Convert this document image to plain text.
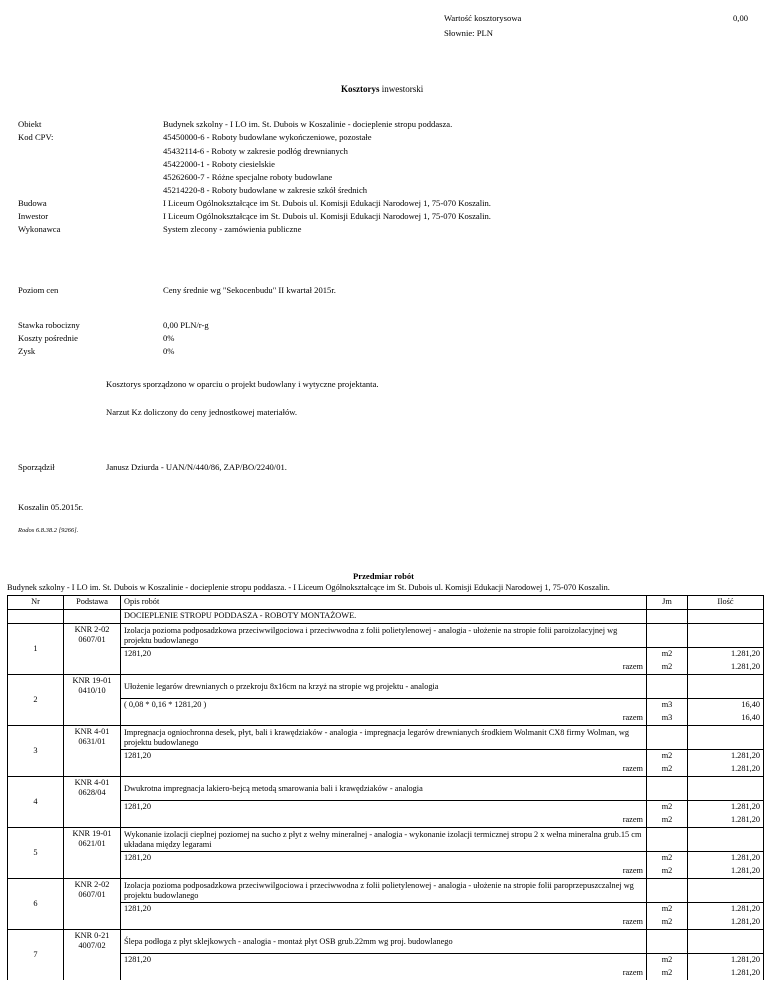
Wartość kosztorysowa	0,00
Słownie: PLN
Kosztorys inwestorski
Obiekt	Budynek szkolny - I LO im. St. Dubois w Koszalinie - docieplenie stropu poddasza.
Kod CPV:	45450000-6 - Roboty budowlane wykończeniowe, pozostałe
45432114-6 - Roboty w zakresie podłóg drewnianych
45422000-1 - Roboty ciesielskie
45262600-7 - Różne specjalne roboty budowlane
45214220-8 - Roboty budowlane w zakresie szkół średnich
Budowa	I Liceum Ogólnokształcące im St. Dubois ul. Komisji Edukacji Narodowej 1, 75-070 Koszalin.
Inwestor	I Liceum Ogólnokształcące im St. Dubois ul. Komisji Edukacji Narodowej 1, 75-070 Koszalin.
Wykonawca	System zlecony - zamówienia publiczne
Poziom cen	Ceny średnie wg "Sekocenbudu" II kwartał 2015r.
Stawka robocizny	0,00 PLN/r-g
Koszty pośrednie	0%
Zysk	0%
Kosztorys sporządzono w oparciu o projekt budowlany i wytyczne projektanta.
Narzut Kz doliczony do ceny jednostkowej materiałów.
Sporządził	Janusz Dziurda - UAN/N/440/86, ZAP/BO/2240/01.
Koszalin 05.2015r.
Rodos 6.8.38.2 [9266].
Przedmiar robót
Budynek szkolny - I LO im. St. Dubois w Koszalinie - docieplenie stropu poddasza. - I Liceum Ogólnokształcące im St. Dubois ul. Komisji Edukacji Narodowej 1, 75-070 Koszalin.
Nr	Podstawa	Opis robót	Jm	Ilość
		DOCIEPLENIE STROPU PODDASZA - ROBOTY MONTAŻOWE.		
1	KNR 2-02 0607/01	Izolacja pozioma podposadzkowa przeciwwilgociowa i przeciwwodna z folii polietylenowej - analogia - ułożenie na stropie folii paroizolacyjnej wg projektu budowlanego		
		1281,20	m2	1.281,20
		razem	m2	1.281,20
2	KNR 19-01 0410/10	Ułożenie legarów drewnianych o przekroju 8x16cm na krzyż na stropie wg projektu - analogia		
		( 0,08 * 0,16 * 1281,20 )	m3	16,40
		razem	m3	16,40
3	KNR 4-01 0631/01	Impregnacja ogniochronna desek, płyt, bali i krawędziaków - analogia - impregnacja legarów drewnianych środkiem Wolmanit CX8 firmy Wolman, wg projektu budowlanego		
		1281,20	m2	1.281,20
		razem	m2	1.281,20
4	KNR 4-01 0628/04	Dwukrotna impregnacja lakiero-bejcą metodą smarowania bali i krawędziaków - analogia		
		1281,20	m2	1.281,20
		razem	m2	1.281,20
5	KNR 19-01 0621/01	Wykonanie izolacji cieplnej poziomej na sucho z płyt z wełny mineralnej - analogia - wykonanie izolacji termicznej stropu 2 x wełna mineralna grub.15 cm układana między legarami		
		1281,20	m2	1.281,20
		razem	m2	1.281,20
6	KNR 2-02 0607/01	Izolacja pozioma podposadzkowa przeciwwilgociowa i przeciwwodna z folii polietylenowej - analogia - ułożenie na stropie folii paroprzepuszczalnej wg projektu budowlanego		
		1281,20	m2	1.281,20
		razem	m2	1.281,20
7	KNR 0-21 4007/02	Ślepa podłoga z płyt sklejkowych - analogia - montaż płyt OSB grub.22mm wg proj. budowlanego		
		1281,20	m2	1.281,20
		razem	m2	1.281,20
